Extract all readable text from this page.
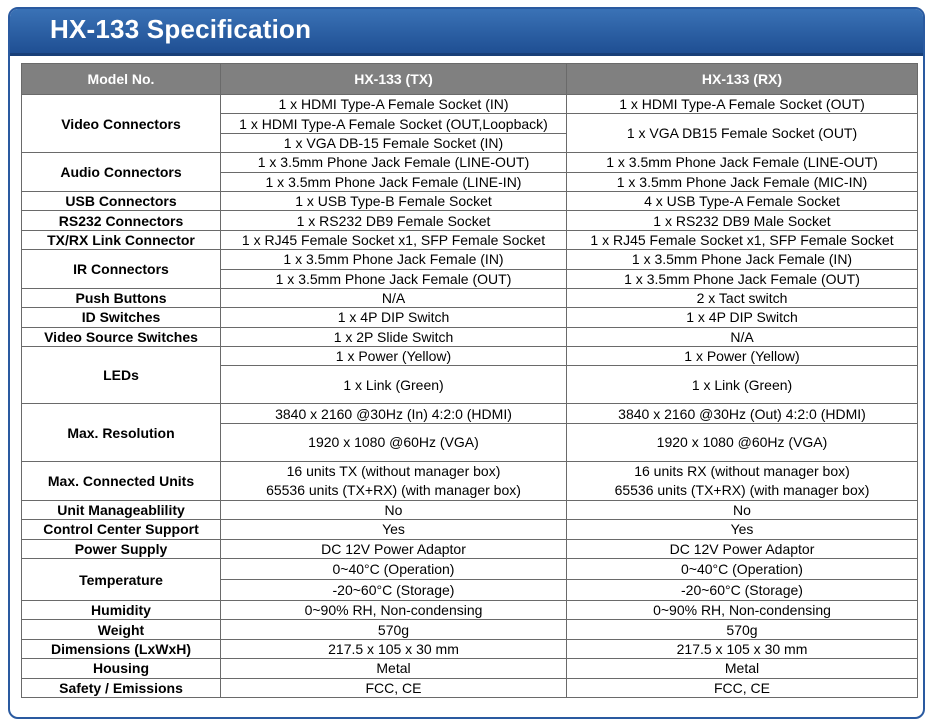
HX-133 Specification
Model No.	HX-133 (TX)	HX-133 (RX)
Video Connectors	1 x HDMI Type-A Female Socket (IN)	1 x HDMI Type-A Female Socket (OUT)
	1 x HDMI Type-A Female Socket (OUT,Loopback)	1 x VGA DB15 Female Socket (OUT)
	1 x VGA DB-15 Female Socket (IN)	
Audio Connectors	1 x 3.5mm Phone Jack Female (LINE-OUT)	1 x 3.5mm Phone Jack Female (LINE-OUT)
	1 x 3.5mm Phone Jack Female (LINE-IN)	1 x 3.5mm Phone Jack Female (MIC-IN)
USB Connectors	1 x USB Type-B Female Socket	4 x USB Type-A Female Socket
RS232 Connectors	1 x RS232 DB9 Female Socket	1 x RS232 DB9 Male Socket
TX/RX Link Connector	1 x RJ45 Female Socket x1, SFP Female Socket	1 x RJ45 Female Socket x1, SFP Female Socket
IR Connectors	1 x 3.5mm Phone Jack Female (IN)	1 x 3.5mm Phone Jack Female (IN)
	1 x 3.5mm Phone Jack Female (OUT)	1 x 3.5mm Phone Jack Female (OUT)
Push Buttons	N/A	2 x Tact switch
ID Switches	1 x 4P DIP Switch	1 x 4P DIP Switch
Video Source Switches	1 x 2P Slide Switch	N/A
LEDs	1 x Power (Yellow)	1 x Power (Yellow)
	1 x Link (Green)	1 x Link (Green)
Max. Resolution	3840 x 2160 @30Hz (In) 4:2:0 (HDMI)	3840 x 2160 @30Hz (Out) 4:2:0 (HDMI)
	1920 x 1080 @60Hz (VGA)	1920 x 1080 @60Hz (VGA)
Max. Connected Units	16 units TX (without manager box)	16 units RX (without manager box)
	65536 units (TX+RX) (with manager box)	65536 units (TX+RX) (with manager box)
Unit Manageablility	No	No
Control Center Support	Yes	Yes
Power Supply	DC 12V Power Adaptor	DC 12V Power Adaptor
Temperature	0~40°C (Operation)	0~40°C (Operation)
	-20~60°C (Storage)	-20~60°C (Storage)
Humidity	0~90% RH, Non-condensing	0~90% RH, Non-condensing
Weight	570g	570g
Dimensions (LxWxH)	217.5 x 105 x 30 mm	217.5 x 105 x 30 mm
Housing	Metal	Metal
Safety / Emissions	FCC, CE	FCC, CE
